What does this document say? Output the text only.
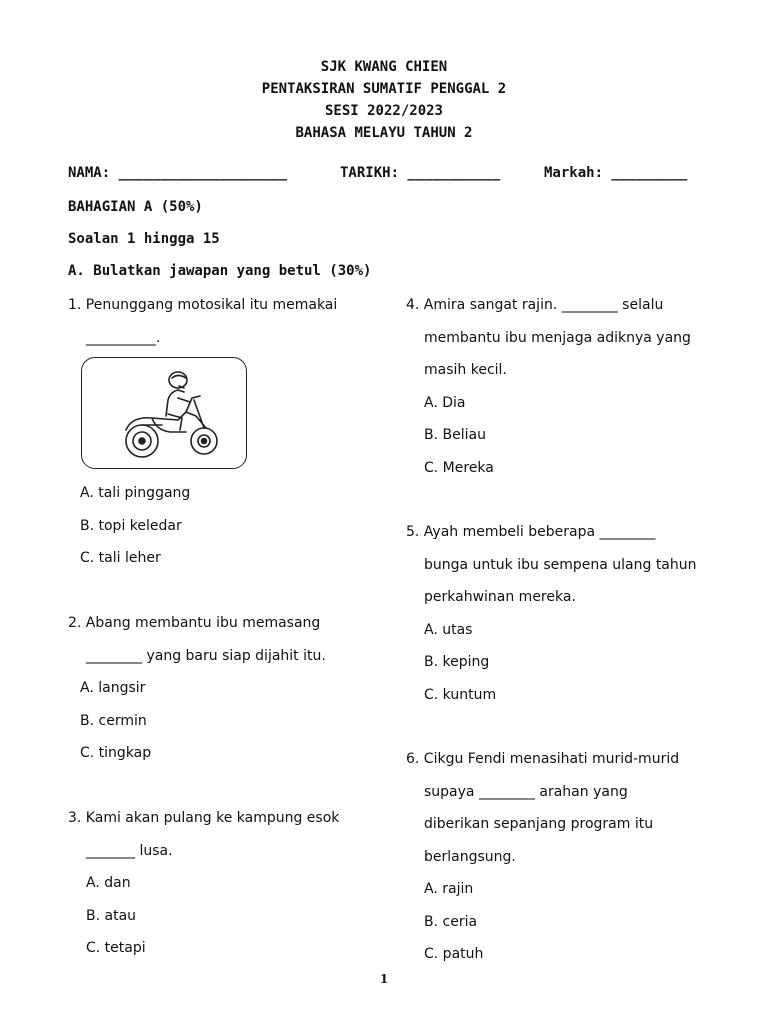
SJK KWANG CHIEN
PENTAKSIRAN SUMATIF PENGGAL 2
SESI 2022/2023
BAHASA MELAYU TAHUN 2
NAMA: ____________________	TARIKH: ___________	Markah: _________
BAHAGIAN A (50%)
Soalan 1 hingga 15
A. Bulatkan jawapan yang betul (30%)
1. Penunggang motosikal itu memakai
__________.
A. tali pinggang
B. topi keledar
C. tali leher
2. Abang membantu ibu memasang
________ yang baru siap dijahit itu.
A. langsir
B. cermin
C. tingkap
3. Kami akan pulang ke kampung esok
_______ lusa.
A. dan
B. atau
C. tetapi
4. Amira sangat rajin. ________ selalu
membantu ibu menjaga adiknya yang
masih kecil.
A. Dia
B. Beliau
C. Mereka
5. Ayah membeli beberapa ________
bunga untuk ibu sempena ulang tahun
perkahwinan mereka.
A. utas
B. keping
C. kuntum
6. Cikgu Fendi menasihati murid-murid
supaya ________ arahan yang
diberikan sepanjang program itu
berlangsung.
A. rajin
B. ceria
C. patuh
1
